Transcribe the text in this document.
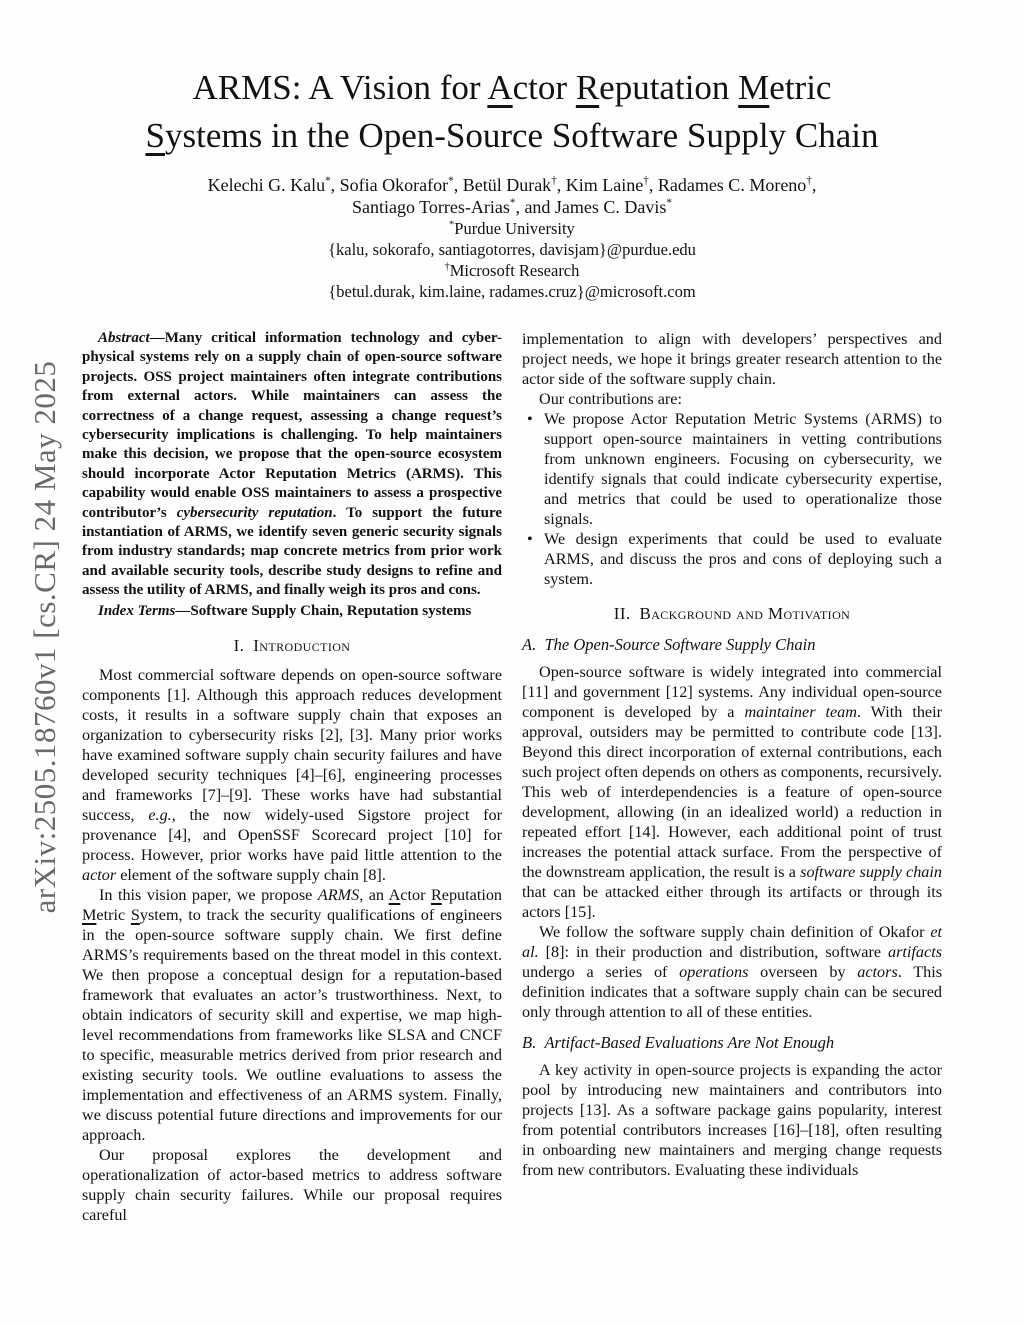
arXiv:2505.18760v1 [cs.CR] 24 May 2025
ARMS: A Vision for Actor Reputation Metric
Systems in the Open-Source Software Supply Chain
Kelechi G. Kalu*, Sofia Okorafor*, Betül Durak†, Kim Laine†, Radames C. Moreno†,
Santiago Torres-Arias*, and James C. Davis*
*Purdue University
{kalu, sokorafo, santiagotorres, davisjam}@purdue.edu
†Microsoft Research
{betul.durak, kim.laine, radames.cruz}@microsoft.com

Abstract—Many critical information technology and cyber-physical systems rely on a supply chain of open-source software projects. OSS project maintainers often integrate contributions from external actors. While maintainers can assess the correctness of a change request, assessing a change request’s cybersecurity implications is challenging. To help maintainers make this decision, we propose that the open-source ecosystem should incorporate Actor Reputation Metrics (ARMS). This capability would enable OSS maintainers to assess a prospective contributor’s cybersecurity reputation. To support the future instantiation of ARMS, we identify seven generic security signals from industry standards; map concrete metrics from prior work and available security tools, describe study designs to refine and assess the utility of ARMS, and finally weigh its pros and cons.

Index Terms—Software Supply Chain, Reputation systems

I. Introduction

Most commercial software depends on open-source software components [1]. Although this approach reduces development costs, it results in a software supply chain that exposes an organization to cybersecurity risks [2], [3]. Many prior works have examined software supply chain security failures and have developed security techniques [4]–[6], engineering processes and frameworks [7]–[9]. These works have had substantial success, e.g., the now widely-used Sigstore project for provenance [4], and OpenSSF Scorecard project [10] for process. However, prior works have paid little attention to the actor element of the software supply chain [8].

In this vision paper, we propose ARMS, an Actor Reputation Metric System, to track the security qualifications of engineers in the open-source software supply chain. We first define ARMS’s requirements based on the threat model in this context. We then propose a conceptual design for a reputation-based framework that evaluates an actor’s trustworthiness. Next, to obtain indicators of security skill and expertise, we map high-level recommendations from frameworks like SLSA and CNCF to specific, measurable metrics derived from prior research and existing security tools. We outline evaluations to assess the implementation and effectiveness of an ARMS system. Finally, we discuss potential future directions and improvements for our approach.

Our proposal explores the development and operationalization of actor-based metrics to address software supply chain security failures. While our proposal requires careful

implementation to align with developers’ perspectives and project needs, we hope it brings greater research attention to the actor side of the software supply chain.

Our contributions are:

• We propose Actor Reputation Metric Systems (ARMS) to support open-source maintainers in vetting contributions from unknown engineers. Focusing on cybersecurity, we identify signals that could indicate cybersecurity expertise, and metrics that could be used to operationalize those signals.
• We design experiments that could be used to evaluate ARMS, and discuss the pros and cons of deploying such a system.
II. Background and Motivation
A. The Open-Source Software Supply Chain

Open-source software is widely integrated into commercial [11] and government [12] systems. Any individual open-source component is developed by a maintainer team. With their approval, outsiders may be permitted to contribute code [13]. Beyond this direct incorporation of external contributions, each such project often depends on others as components, recursively. This web of interdependencies is a feature of open-source development, allowing (in an idealized world) a reduction in repeated effort [14]. However, each additional point of trust increases the potential attack surface. From the perspective of the downstream application, the result is a software supply chain that can be attacked either through its artifacts or through its actors [15].

We follow the software supply chain definition of Okafor et al. [8]: in their production and distribution, software artifacts undergo a series of operations overseen by actors. This definition indicates that a software supply chain can be secured only through attention to all of these entities.

B. Artifact-Based Evaluations Are Not Enough

A key activity in open-source projects is expanding the actor pool by introducing new maintainers and contributors into projects [13]. As a software package gains popularity, interest from potential contributors increases [16]–[18], often resulting in onboarding new maintainers and merging change requests from new contributors. Evaluating these individuals
